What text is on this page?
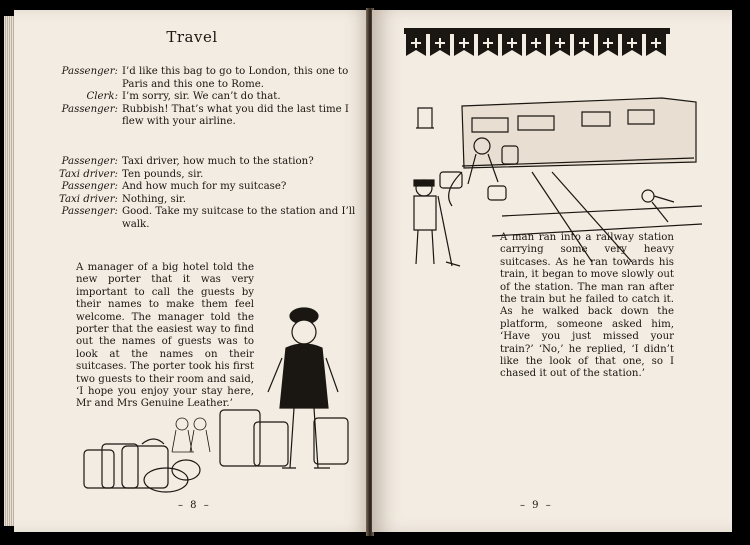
Travel
Passenger: I’d like this bag to go to London, this one to Paris and this one to Rome.
Clerk: I’m sorry, sir. We can’t do that.
Passenger: Rubbish! That’s what you did the last time I flew with your airline.
Passenger: Taxi driver, how much to the station?
Taxi driver: Ten pounds, sir.
Passenger: And how much for my suitcase?
Taxi driver: Nothing, sir.
Passenger: Good. Take my suitcase to the station and I’ll walk.
A manager of a big hotel told the new porter that it was very important to call the guests by their names to make them feel welcome. The manager told the porter that the easiest way to find out the names of guests was to look at the names on their suitcases. The porter took his first two guests to their room and said, ‘I hope you enjoy your stay here, Mr and Mrs Genuine Leather.’
– 8 –
A man ran into a railway station carrying some very heavy suitcases. As he ran towards his train, it began to move slowly out of the station. The man ran after the train but he failed to catch it. As he walked back down the platform, someone asked him, ‘Have you just missed your train?’ ‘No,’ he replied, ‘I didn’t like the look of that one, so I chased it out of the station.’
– 9 –
